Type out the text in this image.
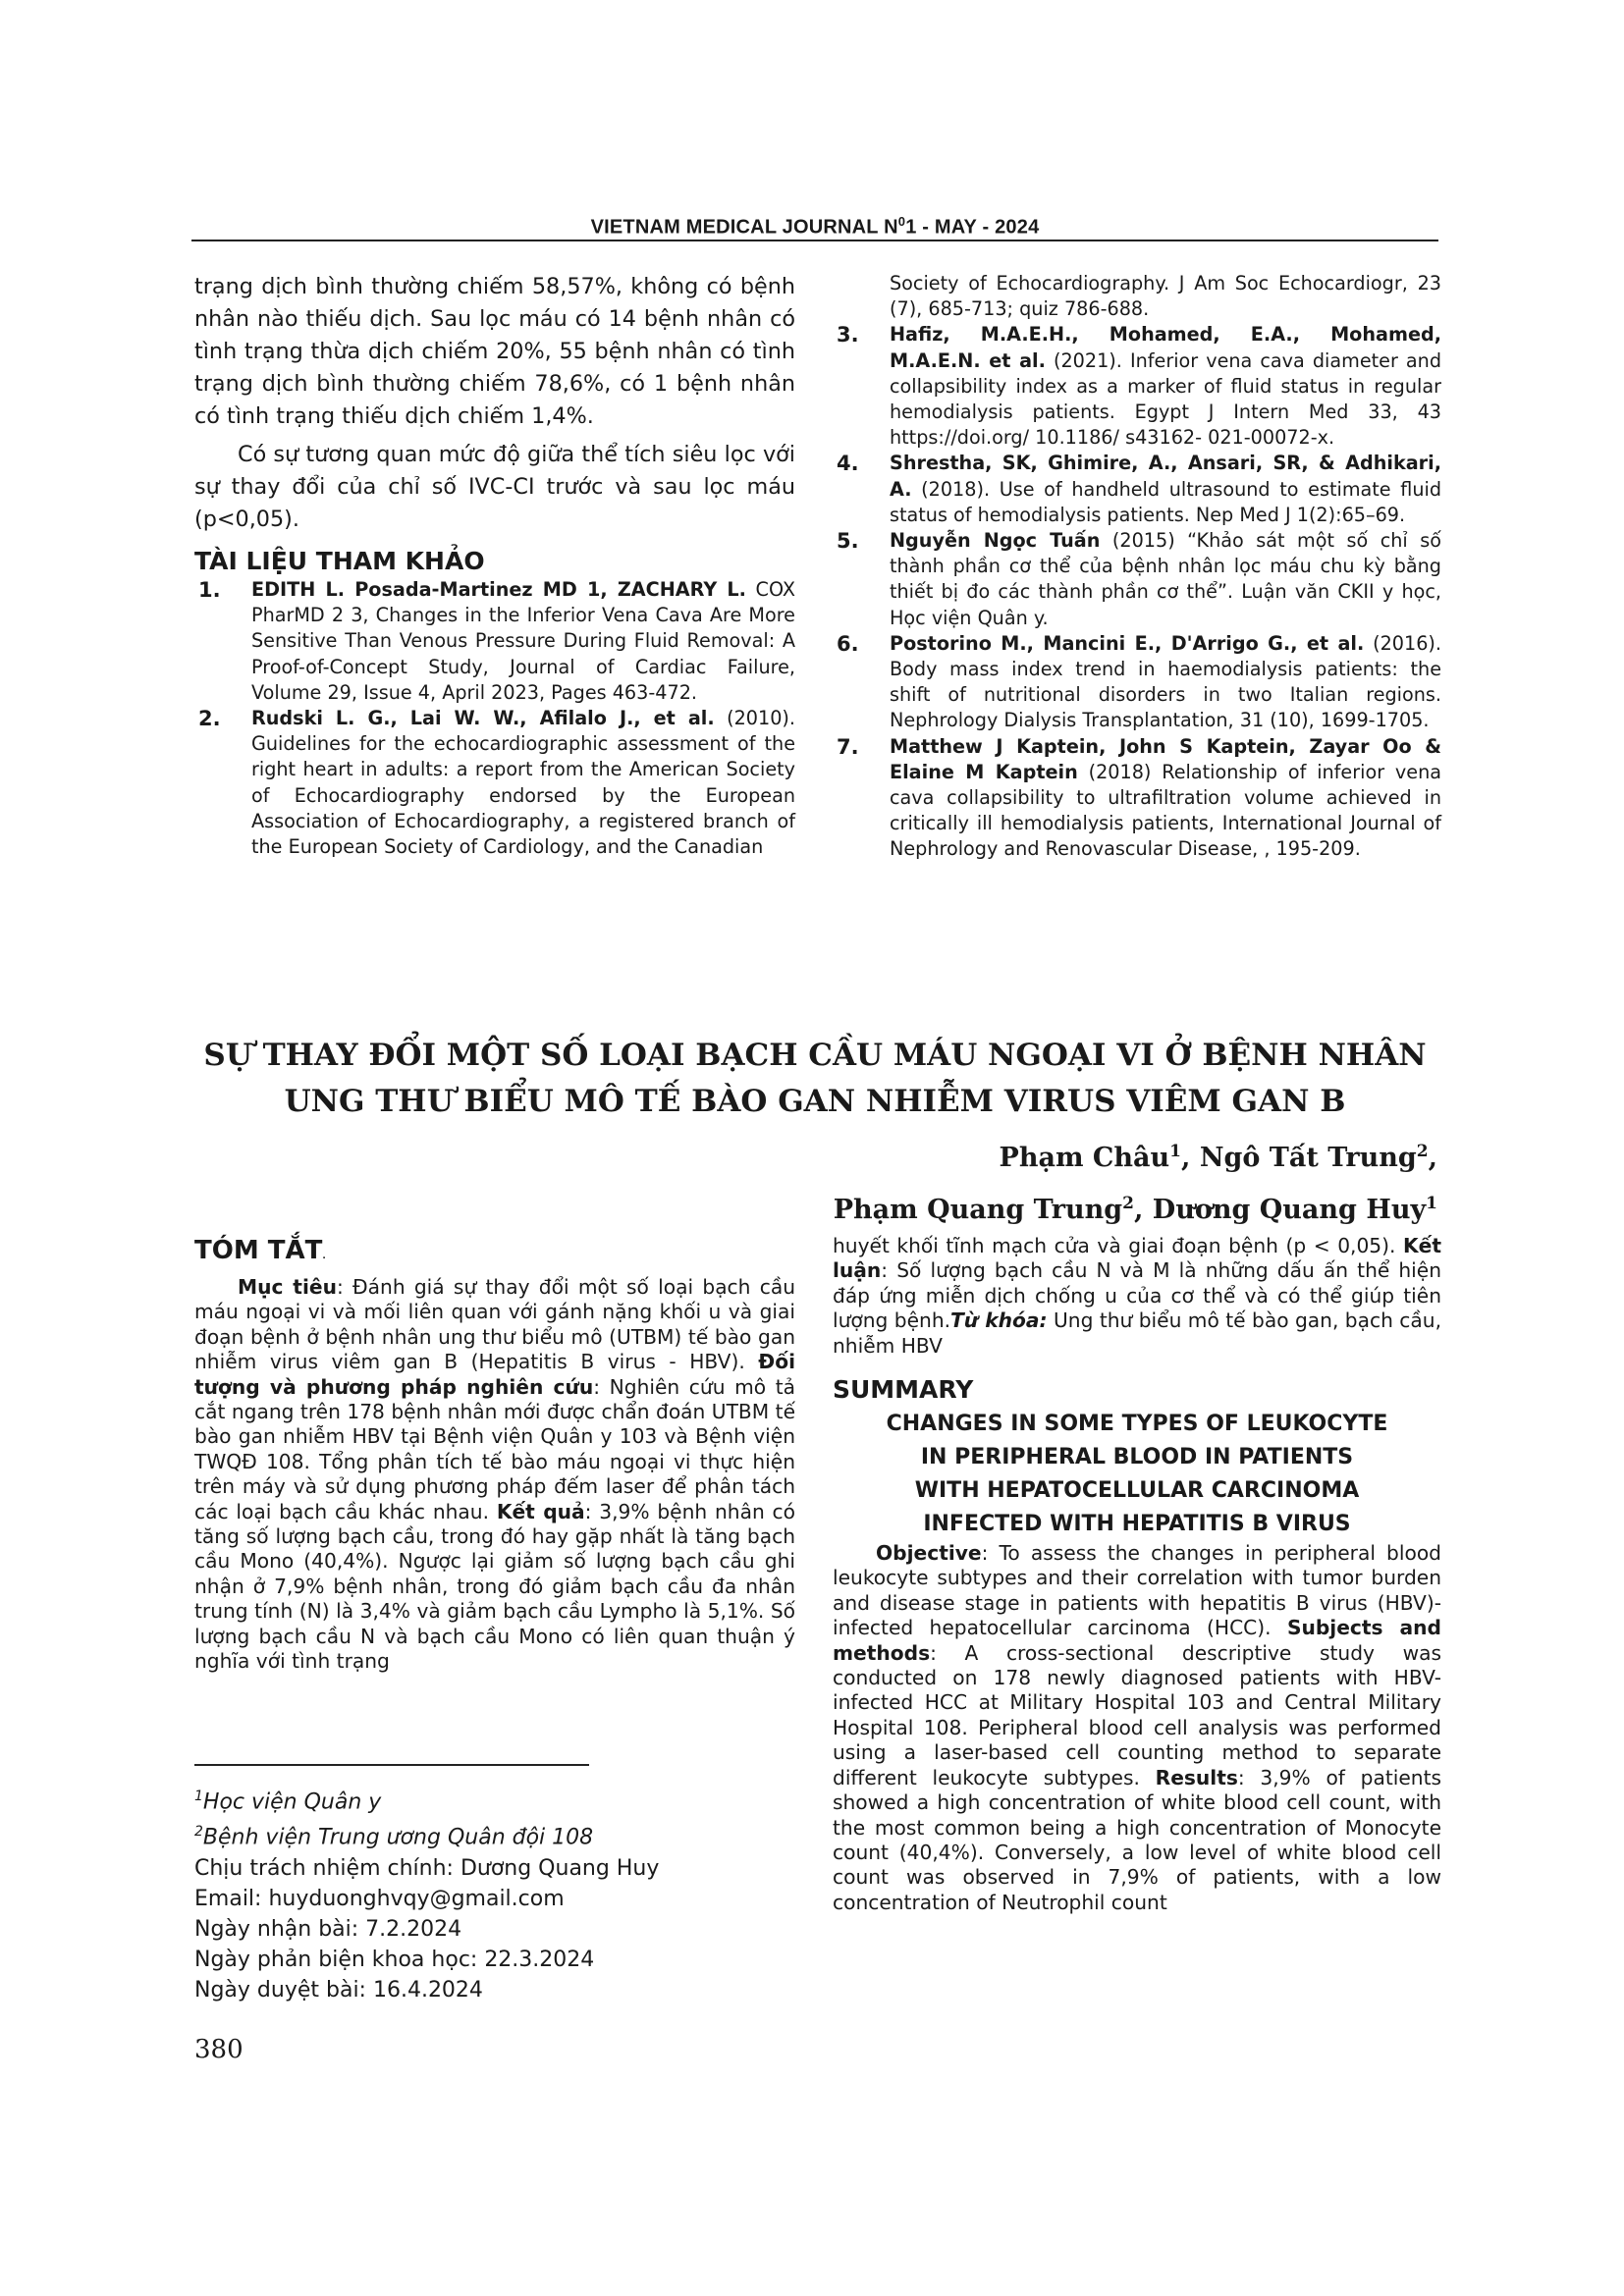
VIETNAM MEDICAL JOURNAL $N^01$ - MAY - 2024

trạng dịch bình thường chiếm 58,57%, không có bệnh nhân nào thiếu dịch. Sau lọc máu có 14 bệnh nhân có tình trạng thừa dịch chiếm 20%, 55 bệnh nhân có tình trạng dịch bình thường chiếm 78,6%, có 1 bệnh nhân có tình trạng thiếu dịch chiếm 1,4%.

Có sự tương quan mức độ giữa thể tích siêu lọc với sự thay đổi của chỉ số IVC-CI trước và sau lọc máu (p<0,05).

TÀI LIỆU THAM KHẢO
1. EDITH L. Posada-Martinez MD 1, ZACHARY L. COX PharMD 2 3, Changes in the Inferior Vena Cava Are More Sensitive Than Venous Pressure During Fluid Removal: A Proof-of-Concept Study, Journal of Cardiac Failure, Volume 29, Issue 4, April 2023, Pages 463-472.
2. Rudski L. G., Lai W. W., Afilalo J., et al. (2010). Guidelines for the echocardiographic assessment of the right heart in adults: a report from the American Society of Echocardiography endorsed by the European Association of Echocardiography, a registered branch of the European Society of Cardiology, and the Canadian

Society of Echocardiography. J Am Soc Echocardiogr, 23 (7), 685-713; quiz 786-688.

3. Hafiz, M.A.E.H., Mohamed, E.A., Mohamed, M.A.E.N. et al. (2021). Inferior vena cava diameter and collapsibility index as a marker of fluid status in regular hemodialysis patients. Egypt J Intern Med 33, 43 https://doi.org/ 10.1186/ s43162- 021-00072-x.
4. Shrestha, SK, Ghimire, A., Ansari, SR, & Adhikari, A. (2018). Use of handheld ultrasound to estimate fluid status of hemodialysis patients. Nep Med J 1(2):65–69.
5. Nguyễn Ngọc Tuấn (2015) “Khảo sát một số chỉ số thành phần cơ thể của bệnh nhân lọc máu chu kỳ bằng thiết bị đo các thành phần cơ thể”. Luận văn CKII y học, Học viện Quân y.
6. Postorino M., Mancini E., D'Arrigo G., et al. (2016). Body mass index trend in haemodialysis patients: the shift of nutritional disorders in two Italian regions. Nephrology Dialysis Transplantation, 31 (10), 1699-1705.
7. Matthew J Kaptein, John S Kaptein, Zayar Oo & Elaine M Kaptein (2018) Relationship of inferior vena cava collapsibility to ultrafiltration volume achieved in critically ill hemodialysis patients, International Journal of Nephrology and Renovascular Disease, , 195-209.
SỰ THAY ĐỔI MỘT SỐ LOẠI BẠCH CẦU MÁU NGOẠI VI Ở BỆNH NHÂN
UNG THƯ BIỂU MÔ TẾ BÀO GAN NHIỄM VIRUS VIÊM GAN B
Phạm Châu$^1$, Ngô Tất Trung$^2$,
Phạm Quang Trung$^2$, Dương Quang Huy$^1$
TÓM TẮT.

Mục tiêu: Đánh giá sự thay đổi một số loại bạch cầu máu ngoại vi và mối liên quan với gánh nặng khối u và giai đoạn bệnh ở bệnh nhân ung thư biểu mô (UTBM) tế bào gan nhiễm virus viêm gan B (Hepatitis B virus - HBV). Đối tượng và phương pháp nghiên cứu: Nghiên cứu mô tả cắt ngang trên 178 bệnh nhân mới được chẩn đoán UTBM tế bào gan nhiễm HBV tại Bệnh viện Quân y 103 và Bệnh viện TWQĐ 108. Tổng phân tích tế bào máu ngoại vi thực hiện trên máy và sử dụng phương pháp đếm laser để phân tách các loại bạch cầu khác nhau. Kết quả: 3,9% bệnh nhân có tăng số lượng bạch cầu, trong đó hay gặp nhất là tăng bạch cầu Mono (40,4%). Ngược lại giảm số lượng bạch cầu ghi nhận ở 7,9% bệnh nhân, trong đó giảm bạch cầu đa nhân trung tính (N) là 3,4% và giảm bạch cầu Lympho là 5,1%. Số lượng bạch cầu N và bạch cầu Mono có liên quan thuận ý nghĩa với tình trạng

huyết khối tĩnh mạch cửa và giai đoạn bệnh (p < 0,05). Kết luận: Số lượng bạch cầu N và M là những dấu ấn thể hiện đáp ứng miễn dịch chống u của cơ thể và có thể giúp tiên lượng bệnh.Từ khóa: Ung thư biểu mô tế bào gan, bạch cầu, nhiễm HBV

SUMMARY

CHANGES IN SOME TYPES OF LEUKOCYTE

IN PERIPHERAL BLOOD IN PATIENTS

WITH HEPATOCELLULAR CARCINOMA

INFECTED WITH HEPATITIS B VIRUS

Objective: To assess the changes in peripheral blood leukocyte subtypes and their correlation with tumor burden and disease stage in patients with hepatitis B virus (HBV)-infected hepatocellular carcinoma (HCC). Subjects and methods: A cross-sectional descriptive study was conducted on 178 newly diagnosed patients with HBV-infected HCC at Military Hospital 103 and Central Military Hospital 108. Peripheral blood cell analysis was performed using a laser-based cell counting method to separate different leukocyte subtypes. Results: 3,9% of patients showed a high concentration of white blood cell count, with the most common being a high concentration of Monocyte count (40,4%). Conversely, a low level of white blood cell count was observed in 7,9% of patients, with a low concentration of Neutrophil count

$^1$Học viện Quân y
$^2$Bệnh viện Trung ương Quân đội 108
Chịu trách nhiệm chính: Dương Quang Huy
Email: huyduonghvqy@gmail.com
Ngày nhận bài: 7.2.2024
Ngày phản biện khoa học: 22.3.2024
Ngày duyệt bài: 16.4.2024
380
